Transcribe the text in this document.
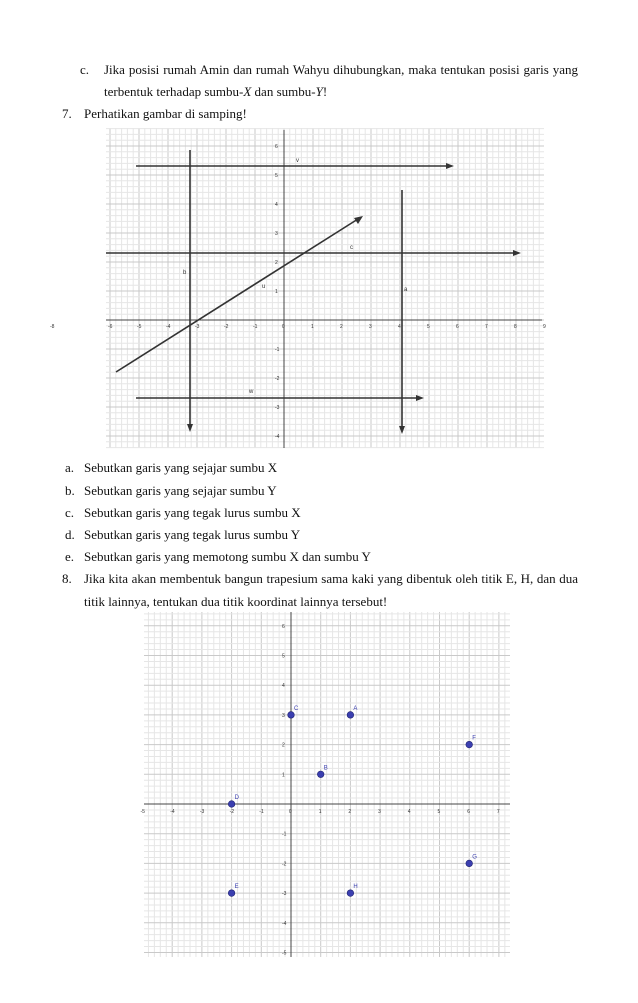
c. Jika posisi rumah Amin dan rumah Wahyu dihubungkan, maka tentukan posisi garis yang
terbentuk terhadap sumbu-X dan sumbu-Y!
7. Perhatikan gambar di samping!
-8	-6	-5	-4	-3	-2	-1	0	1	2	3	4	5	6	7	8	9
6
5
4
3
2
1
-1
-2
-3
-4
v
c
b
u	a
w
a. Sebutkan garis yang sejajar sumbu X
b. Sebutkan garis yang sejajar sumbu Y
c. Sebutkan garis yang tegak lurus sumbu X
d. Sebutkan garis yang tegak lurus sumbu Y
e. Sebutkan garis yang memotong sumbu X dan sumbu Y
8. Jika kita akan membentuk bangun trapesium sama kaki yang dibentuk oleh titik E, H, dan dua
titik lainnya, tentukan dua titik koordinat lainnya tersebut!
-5	-4	-3	-2	-1	0	1	2	3	4	5	6	7
6
5
4
3
2
1
-1
-2
-3
-4
-5
A
B
C
D
E
F
G
H
